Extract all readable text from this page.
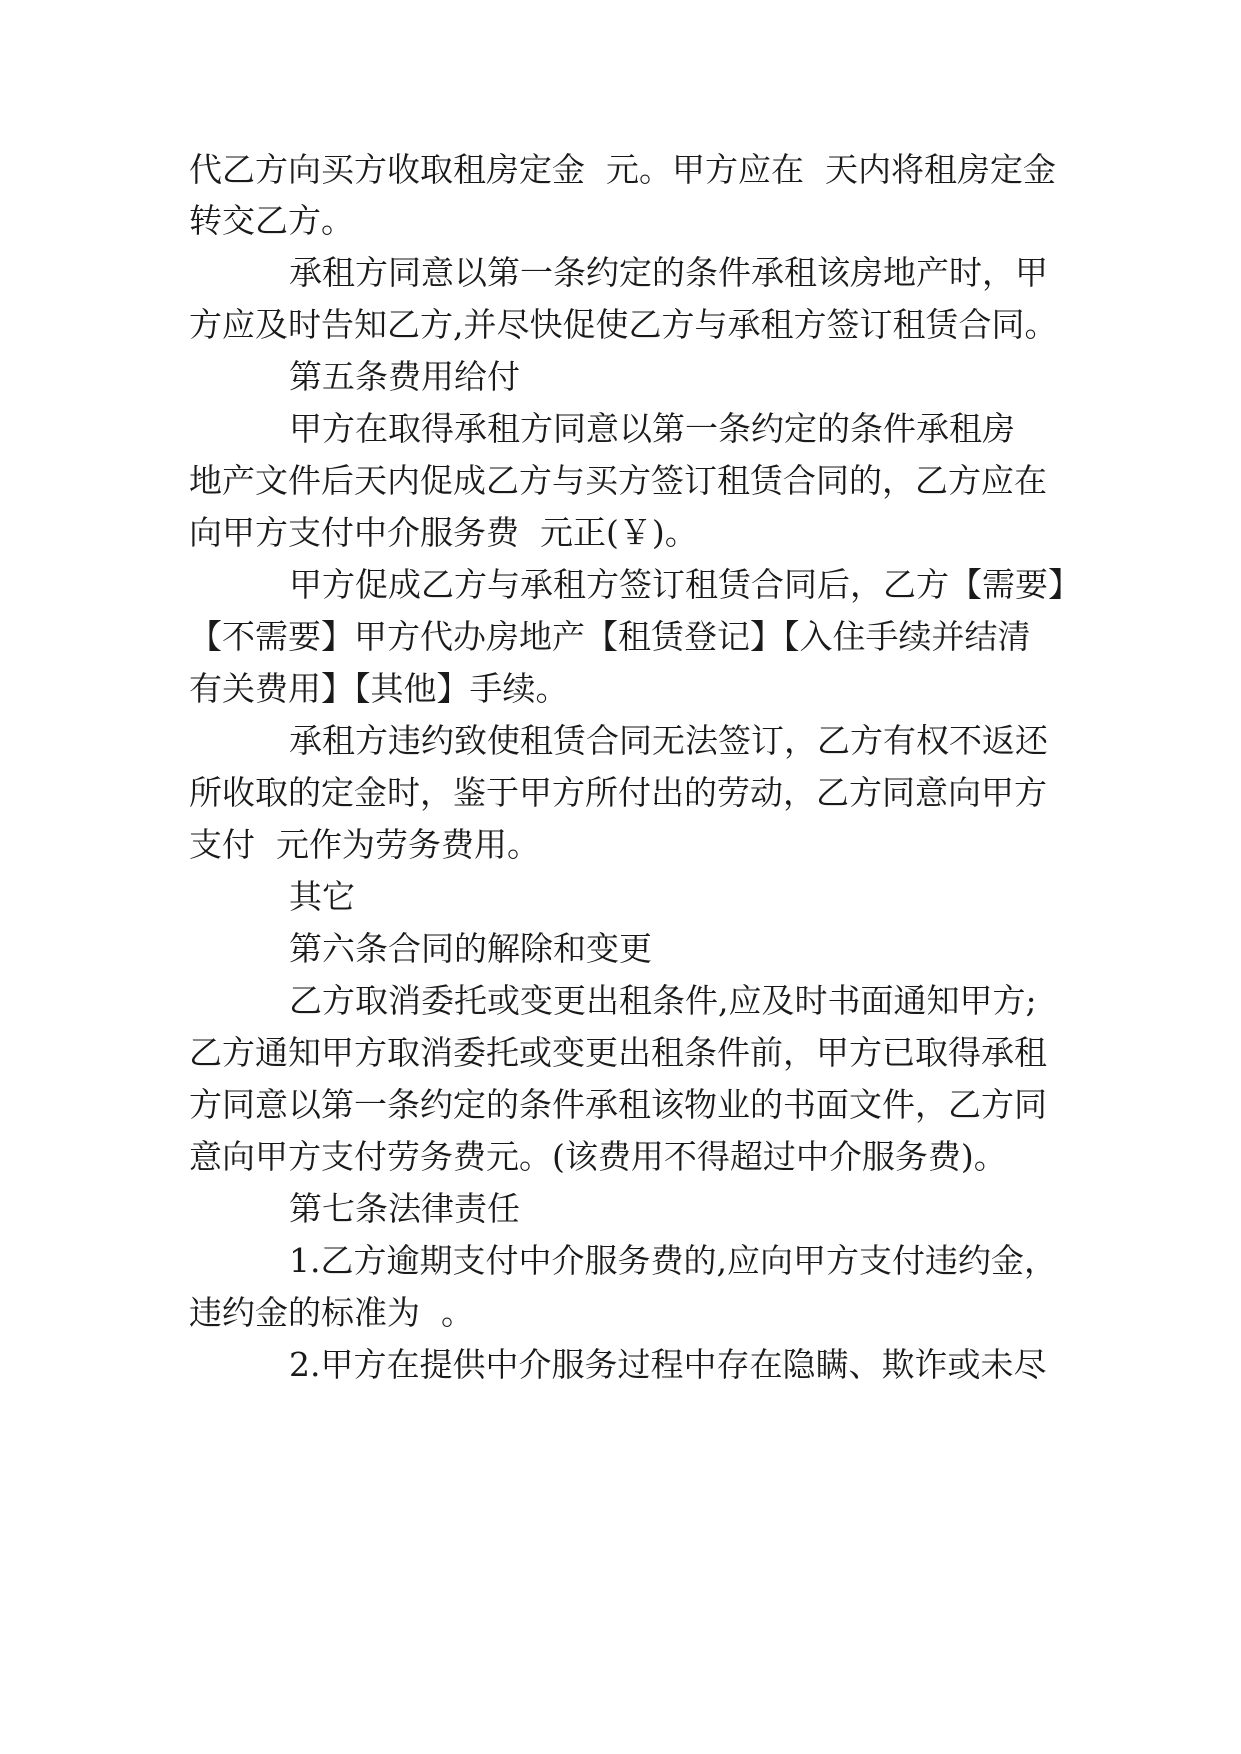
代乙方向买方收取租房定金  元。甲方应在  天内将租房定金
转交乙方。
承租方同意以第一条约定的条件承租该房地产时，甲
方应及时告知乙方,并尽快促使乙方与承租方签订租赁合同。
第五条费用给付
甲方在取得承租方同意以第一条约定的条件承租房
地产文件后天内促成乙方与买方签订租赁合同的，乙方应在
向甲方支付中介服务费  元正(￥)。
甲方促成乙方与承租方签订租赁合同后，乙方【需要】
【不需要】甲方代办房地产【租赁登记】【入住手续并结清
有关费用】【其他】手续。
承租方违约致使租赁合同无法签订，乙方有权不返还
所收取的定金时，鉴于甲方所付出的劳动，乙方同意向甲方
支付  元作为劳务费用。
其它
第六条合同的解除和变更
乙方取消委托或变更出租条件,应及时书面通知甲方;
乙方通知甲方取消委托或变更出租条件前，甲方已取得承租
方同意以第一条约定的条件承租该物业的书面文件，乙方同
意向甲方支付劳务费元。(该费用不得超过中介服务费)。
第七条法律责任
1.乙方逾期支付中介服务费的,应向甲方支付违约金，
违约金的标准为  。
2.甲方在提供中介服务过程中存在隐瞒、欺诈或未尽
